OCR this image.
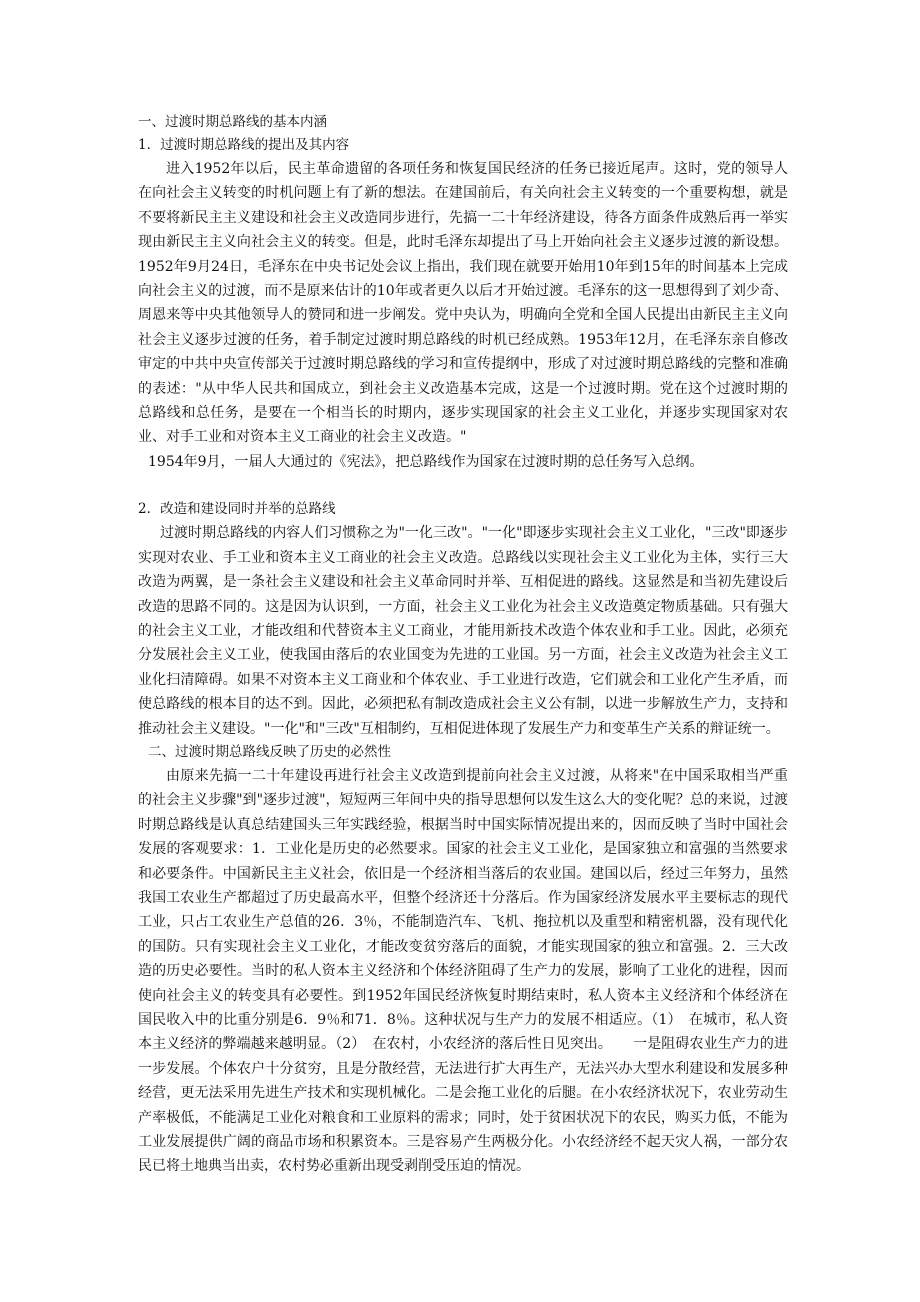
一、过渡时期总路线的基本内涵

1．过渡时期总路线的提出及其内容

进入1952年以后，民主革命遗留的各项任务和恢复国民经济的任务已接近尾声。这时，党的领导人在向社会主义转变的时机问题上有了新的想法。在建国前后，有关向社会主义转变的一个重要构想，就是不要将新民主主义建设和社会主义改造同步进行，先搞一二十年经济建设，待各方面条件成熟后再一举实现由新民主主义向社会主义的转变。但是，此时毛泽东却提出了马上开始向社会主义逐步过渡的新设想。1952年9月24日，毛泽东在中央书记处会议上指出，我们现在就要开始用10年到15年的时间基本上完成向社会主义的过渡，而不是原来估计的10年或者更久以后才开始过渡。毛泽东的这一思想得到了刘少奇、周恩来等中央其他领导人的赞同和进一步阐发。党中央认为，明确向全党和全国人民提出由新民主主义向社会主义逐步过渡的任务，着手制定过渡时期总路线的时机已经成熟。1953年12月，在毛泽东亲自修改审定的中共中央宣传部关于过渡时期总路线的学习和宣传提纲中，形成了对过渡时期总路线的完整和准确的表述："从中华人民共和国成立，到社会主义改造基本完成，这是一个过渡时期。党在这个过渡时期的总路线和总任务，是要在一个相当长的时期内，逐步实现国家的社会主义工业化，并逐步实现国家对农业、对手工业和对资本主义工商业的社会主义改造。"

1954年9月，一届人大通过的《宪法》，把总路线作为国家在过渡时期的总任务写入总纲。

2．改造和建设同时并举的总路线

过渡时期总路线的内容人们习惯称之为"一化三改"。"一化"即逐步实现社会主义工业化，"三改"即逐步实现对农业、手工业和资本主义工商业的社会主义改造。总路线以实现社会主义工业化为主体，实行三大改造为两翼，是一条社会主义建设和社会主义革命同时并举、互相促进的路线。这显然是和当初先建设后改造的思路不同的。这是因为认识到，一方面，社会主义工业化为社会主义改造奠定物质基础。只有强大的社会主义工业，才能改组和代替资本主义工商业，才能用新技术改造个体农业和手工业。因此，必须充分发展社会主义工业，使我国由落后的农业国变为先进的工业国。另一方面，社会主义改造为社会主义工业化扫清障碍。如果不对资本主义工商业和个体农业、手工业进行改造，它们就会和工业化产生矛盾，而使总路线的根本目的达不到。因此，必须把私有制改造成社会主义公有制，以进一步解放生产力，支持和推动社会主义建设。"一化"和"三改"互相制约，互相促进体现了发展生产力和变革生产关系的辩证统一。

二、过渡时期总路线反映了历史的必然性

由原来先搞一二十年建设再进行社会主义改造到提前向社会主义过渡，从将来"在中国采取相当严重的社会主义步骤"到"逐步过渡"，短短两三年间中央的指导思想何以发生这么大的变化呢？总的来说，过渡时期总路线是认真总结建国头三年实践经验，根据当时中国实际情况提出来的，因而反映了当时中国社会发展的客观要求：1．工业化是历史的必然要求。国家的社会主义工业化，是国家独立和富强的当然要求和必要条件。中国新民主主义社会，依旧是一个经济相当落后的农业国。建国以后，经过三年努力，虽然我国工农业生产都超过了历史最高水平，但整个经济还十分落后。作为国家经济发展水平主要标志的现代工业，只占工农业生产总值的26．3％，不能制造汽车、飞机、拖拉机以及重型和精密机器，没有现代化的国防。只有实现社会主义工业化，才能改变贫穷落后的面貌，才能实现国家的独立和富强。2．三大改造的历史必要性。当时的私人资本主义经济和个体经济阻碍了生产力的发展，影响了工业化的进程，因而使向社会主义的转变具有必要性。到1952年国民经济恢复时期结束时，私人资本主义经济和个体经济在国民收入中的比重分别是6．9％和71．8％。这种状况与生产力的发展不相适应。（1）　在城市，私人资本主义经济的弊端越来越明显。（2）　在农村，小农经济的落后性日见突出。　　一是阻碍农业生产力的进一步发展。个体农户十分贫穷，且是分散经营，无法进行扩大再生产，无法兴办大型水利建设和发展多种经营，更无法采用先进生产技术和实现机械化。二是会拖工业化的后腿。在小农经济状况下，农业劳动生产率极低，不能满足工业化对粮食和工业原料的需求；同时，处于贫困状况下的农民，购买力低，不能为工业发展提供广阔的商品市场和积累资本。三是容易产生两极分化。小农经济经不起天灾人祸，一部分农民已将土地典当出卖，农村势必重新出现受剥削受压迫的情况。
